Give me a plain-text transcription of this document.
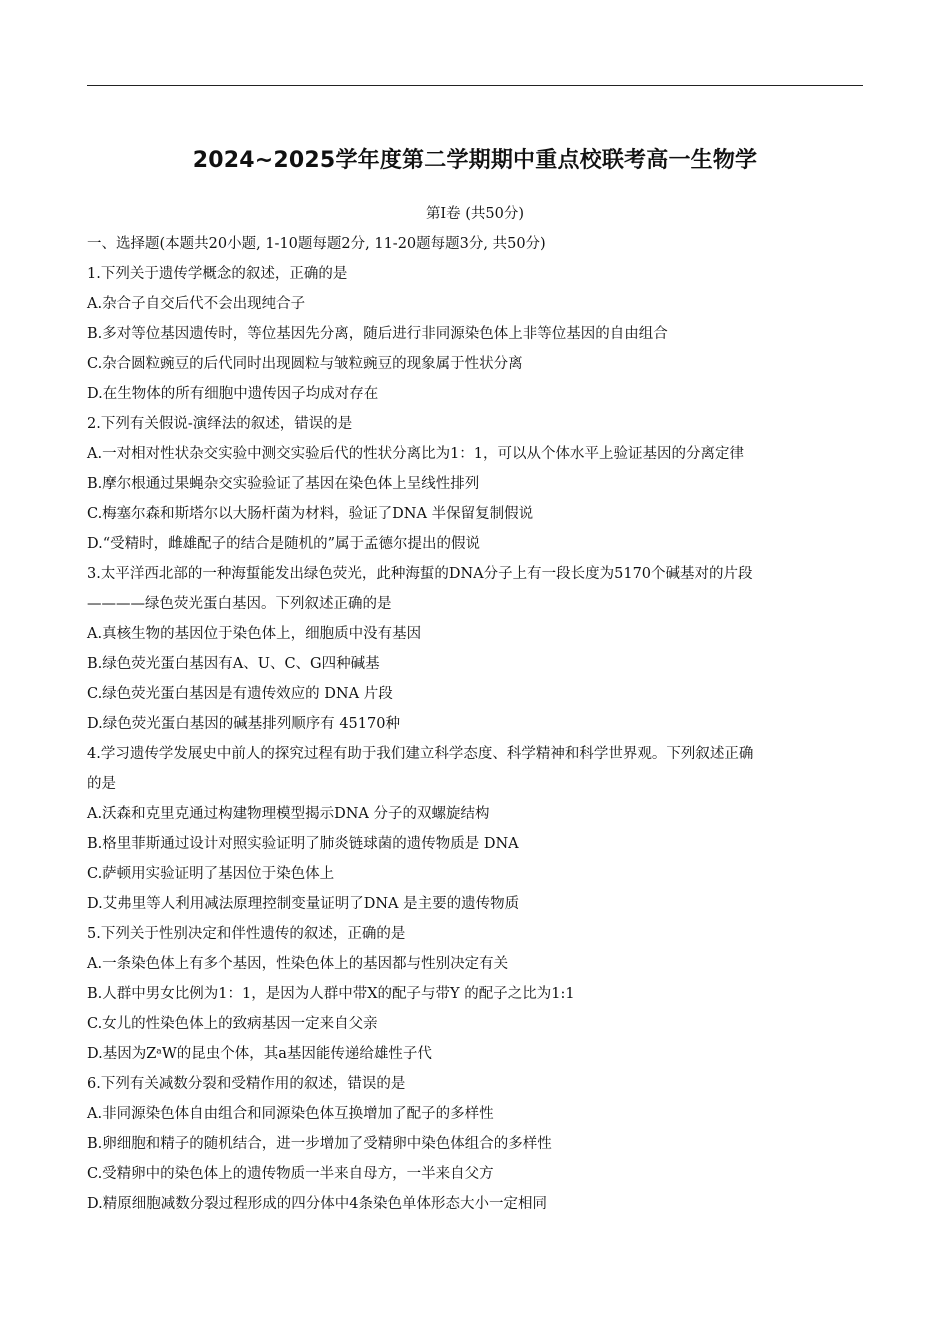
2024~2025学年度第二学期期中重点校联考高一生物学
第Ⅰ卷 (共50分)
一、选择题(本题共20小题, 1-10题每题2分, 11-20题每题3分, 共50分)
1.下列关于遗传学概念的叙述，正确的是
A.杂合子自交后代不会出现纯合子
B.多对等位基因遗传时，等位基因先分离，随后进行非同源染色体上非等位基因的自由组合
C.杂合圆粒豌豆的后代同时出现圆粒与皱粒豌豆的现象属于性状分离
D.在生物体的所有细胞中遗传因子均成对存在
2.下列有关假说-演绎法的叙述，错误的是
A.一对相对性状杂交实验中测交实验后代的性状分离比为1：1，可以从个体水平上验证基因的分离定律
B.摩尔根通过果蝇杂交实验验证了基因在染色体上呈线性排列
C.梅塞尔森和斯塔尔以大肠杆菌为材料，验证了DNA 半保留复制假说
D.“受精时，雌雄配子的结合是随机的”属于孟德尔提出的假说
3.太平洋西北部的一种海蜇能发出绿色荧光，此种海蜇的DNA分子上有一段长度为5170个碱基对的片段
————绿色荧光蛋白基因。下列叙述正确的是
A.真核生物的基因位于染色体上，细胞质中没有基因
B.绿色荧光蛋白基因有A、U、C、G四种碱基
C.绿色荧光蛋白基因是有遗传效应的 DNA 片段
D.绿色荧光蛋白基因的碱基排列顺序有 45170种
4.学习遗传学发展史中前人的探究过程有助于我们建立科学态度、科学精神和科学世界观。下列叙述正确
的是
A.沃森和克里克通过构建物理模型揭示DNA 分子的双螺旋结构
B.格里菲斯通过设计对照实验证明了肺炎链球菌的遗传物质是 DNA
C.萨顿用实验证明了基因位于染色体上
D.艾弗里等人利用减法原理控制变量证明了DNA 是主要的遗传物质
5.下列关于性别决定和伴性遗传的叙述，正确的是
A.一条染色体上有多个基因，性染色体上的基因都与性别决定有关
B.人群中男女比例为1：1，是因为人群中带X的配子与带Y 的配子之比为1:1
C.女儿的性染色体上的致病基因一定来自父亲
D.基因为ZᵃW的昆虫个体，其a基因能传递给雄性子代
6.下列有关减数分裂和受精作用的叙述，错误的是
A.非同源染色体自由组合和同源染色体互换增加了配子的多样性
B.卵细胞和精子的随机结合，进一步增加了受精卵中染色体组合的多样性
C.受精卵中的染色体上的遗传物质一半来自母方，一半来自父方
D.精原细胞减数分裂过程形成的四分体中4条染色单体形态大小一定相同
